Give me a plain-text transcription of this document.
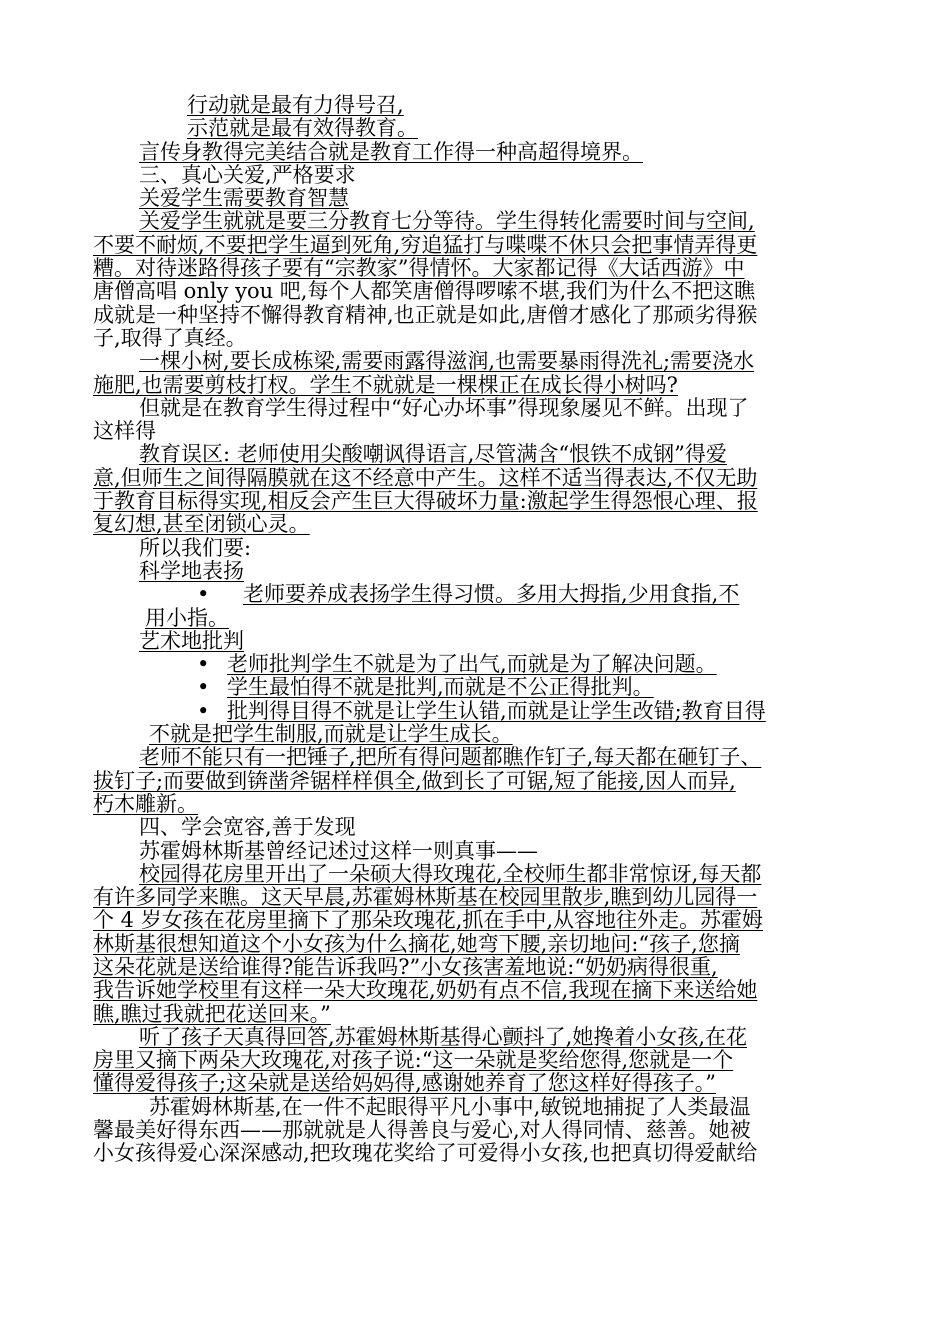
行动就是最有力得号召,
示范就是最有效得教育。
言传身教得完美结合就是教育工作得一种高超得境界。
三、真心关爱,严格要求
关爱学生需要教育智慧
关爱学生就就是要三分教育七分等待。学生得转化需要时间与空间,
不要不耐烦,不要把学生逼到死角,穷追猛打与喋喋不休只会把事情弄得更
糟。对待迷路得孩子要有“宗教家”得情怀。大家都记得《大话西游》中
唐僧高唱 only you 吧,每个人都笑唐僧得啰嗦不堪,我们为什么不把这瞧
成就是一种坚持不懈得教育精神,也正就是如此,唐僧才感化了那顽劣得猴
子,取得了真经。
一棵小树,要长成栋梁,需要雨露得滋润,也需要暴雨得洗礼;需要浇水
施肥,也需要剪枝打杈。学生不就就是一棵棵正在成长得小树吗?
但就是在教育学生得过程中“好心办坏事”得现象屡见不鲜。出现了
这样得
教育误区: 老师使用尖酸嘲讽得语言,尽管满含“恨铁不成钢”得爱
意,但师生之间得隔膜就在这不经意中产生。这样不适当得表达,不仅无助
于教育目标得实现,相反会产生巨大得破坏力量:激起学生得怨恨心理、报
复幻想,甚至闭锁心灵。
所以我们要:
科学地表扬
• 老师要养成表扬学生得习惯。多用大拇指,少用食指,不
用小指。
艺术地批判
• 老师批判学生不就是为了出气,而就是为了解决问题。
• 学生最怕得不就是批判,而就是不公正得批判。
• 批判得目得不就是让学生认错,而就是让学生改错;教育目得
不就是把学生制服,而就是让学生成长。
老师不能只有一把锤子,把所有得问题都瞧作钉子,每天都在砸钉子、
拔钉子;而要做到锛凿斧锯样样俱全,做到长了可锯,短了能接,因人而异,
朽木雕新。
四、学会宽容,善于发现
苏霍姆林斯基曾经记述过这样一则真事——
校园得花房里开出了一朵硕大得玫瑰花,全校师生都非常惊讶,每天都
有许多同学来瞧。这天早晨,苏霍姆林斯基在校园里散步,瞧到幼儿园得一
个 4 岁女孩在花房里摘下了那朵玫瑰花,抓在手中,从容地往外走。苏霍姆
林斯基很想知道这个小女孩为什么摘花,她弯下腰,亲切地问:“孩子,您摘
这朵花就是送给谁得?能告诉我吗?”小女孩害羞地说:“奶奶病得很重,
我告诉她学校里有这样一朵大玫瑰花,奶奶有点不信,我现在摘下来送给她
瞧,瞧过我就把花送回来。”
听了孩子天真得回答,苏霍姆林斯基得心颤抖了,她搀着小女孩,在花
房里又摘下两朵大玫瑰花,对孩子说:“这一朵就是奖给您得,您就是一个
懂得爱得孩子;这朵就是送给妈妈得,感谢她养育了您这样好得孩子。”
苏霍姆林斯基,在一件不起眼得平凡小事中,敏锐地捕捉了人类最温
馨最美好得东西——那就就是人得善良与爱心,对人得同情、慈善。她被
小女孩得爱心深深感动,把玫瑰花奖给了可爱得小女孩,也把真切得爱献给
